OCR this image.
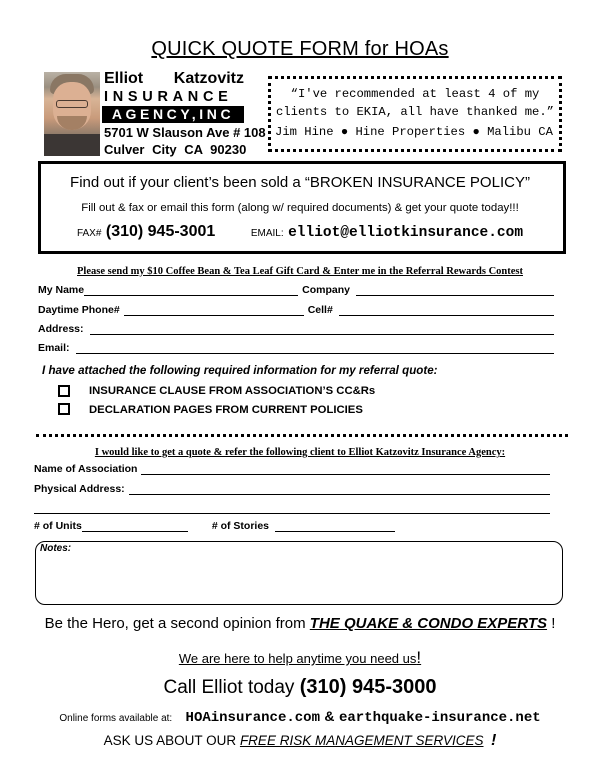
QUICK QUOTE FORM for HOAs
Elliot Katzovitz
INSURANCE
AGENCY,INC
5701 W Slauson Ave # 108
Culver City CA 90230
“I've recommended at least 4 of my
clients to EKIA, all have thanked me.”
Jim Hine ● Hine Properties ● Malibu CA
Find out if your client’s been sold a “BROKEN INSURANCE POLICY”
Fill out & fax or email this form (along w/ required documents) & get your quote today!!!
FAX# (310) 945-3001	EMAIL: elliot@elliotkinsurance.com
Please send my $10 Coffee Bean & Tea Leaf Gift Card & Enter me in the Referral Rewards Contest
My Name	Company
Daytime Phone#	Cell#
Address:
Email:
I have attached the following required information for my referral quote:
INSURANCE CLAUSE FROM ASSOCIATION’S CC&Rs
DECLARATION PAGES FROM CURRENT POLICIES
I would like to get a quote & refer the following client to Elliot Katzovitz Insurance Agency:
Name of Association
Physical Address:
# of Units	# of Stories
Notes:
Be the Hero, get a second opinion from THE QUAKE & CONDO EXPERTS !
We are here to help anytime you need us!
Call Elliot today (310) 945-3000
Online forms available at: HOAinsurance.com & earthquake-insurance.net
ASK US ABOUT OUR FREE RISK MANAGEMENT SERVICES !
